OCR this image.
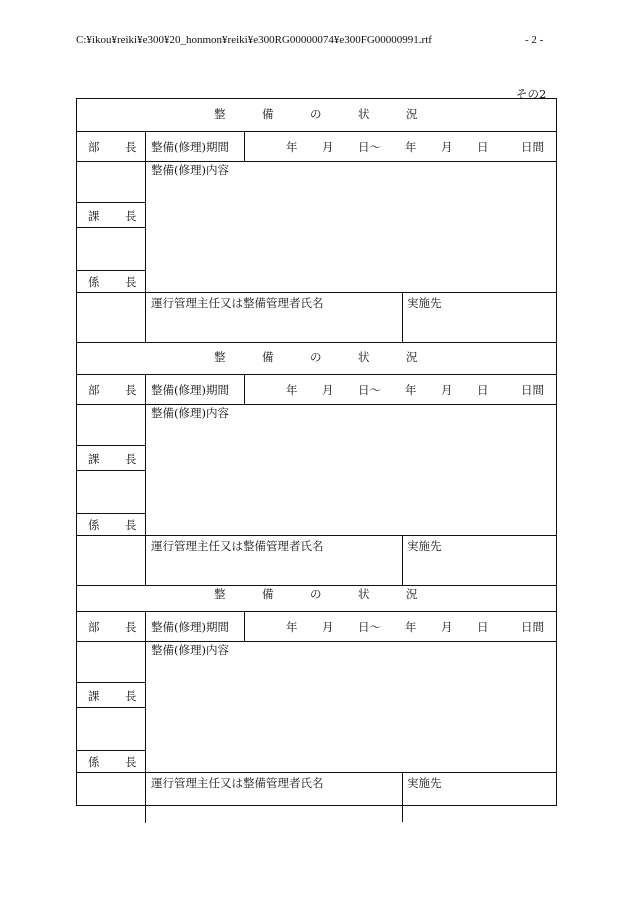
C:¥ikou¥reiki¥e300¥20_honmon¥reiki¥e300RG00000074¥e300FG00000991.rtf	- 2 -
その2
整	備	の	状	況
部 長 整備(修理)期間	年 月 日〜 年 月 日	日間
整備(修理)内容
課 長
係 長
運行管理主任又は整備管理者氏名	実施先
整	備	の	状	況
部 長 整備(修理)期間	年 月 日〜 年 月 日	日間
整備(修理)内容
課 長
係 長
運行管理主任又は整備管理者氏名	実施先
整	備	の	状	況
部 長 整備(修理)期間	年 月 日〜 年 月 日	日間
整備(修理)内容
課 長
係 長
運行管理主任又は整備管理者氏名	実施先
